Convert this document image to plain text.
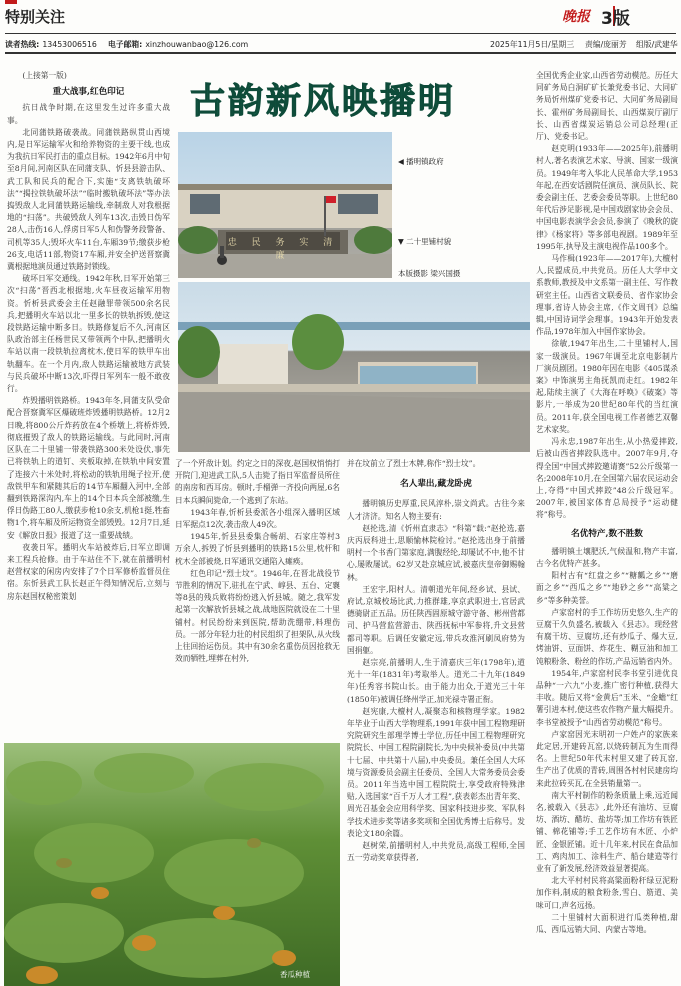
特别关注	晚报 3版
读者热线: 13453006516 电子邮箱: xinzhouwanbao@126.com	2025年11月5日/星期三 责编/庞丽芳 组版/武建华
古韵新风映播明
(上接第一版)
重大战事,红色印记

抗日战争时期,在这里发生过许多重大战事。

北同蒲铁路破袭战。同蒲铁路纵贯山西境内,是日军运输军火和给养物资的主要干线,也成为我抗日军民打击的重点目标。1942年6月中旬至8月间,河南区队在同蒲支队、忻县县游击队、武工队和民兵的配合下,实施“支离铁轨破坏法”“揭拉铁轨破坏法”“临时搬轨破坏法”等办法捣毁敌人北同蒲铁路运输线,牵制敌人对我根据地的“扫荡”。共破毁敌人列车13次,击毁日伪军28人,击伤16人,俘虏日军5人和伪警务段警备、司机等35人;毁坏火车11台,车厢39节;缴获步枪26支,电话11部,物资17车厢,并安全护送晋察冀冀根据地演员通过铁路封锁线。

破坏日军交通线。1942年秋,日军开始第三次“扫荡”晋西北根据地,火车昼夜运输军用物资。忻析县武委会主任赵融罪带领500余名民兵,把播明火车站以北一里多长的铁轨拆毁,使这段铁路运输中断多日。铁路修复后不久,河南区队政治部主任杨世民又带领两个中队,把播明火车站以南一段铁轨拉离枕木,使日军的铁甲车出轨翻车。在一个月内,敌人铁路运输被地方武装与民兵破坏中断13次,吓得日军列车一般不敢夜行。

炸毁播明铁路桥。1943年冬,同蒲支队受命配合晋察冀军区爆破班炸毁播明铁路桥。12月2日晚,将800公斤炸药放在4个桥墩上,将桥炸毁,彻底摧毁了敌人的铁路运输线。与此同时,河南区队在二十里铺一带袭铁路300米处设伏,事先已将铁轨上的道钉、夹板取掉,在铁轨中间安置了连接六十米处时,将松动的铁轨用绳子拉开,使敌铁甲车和紧随其后的14节车厢翻入河中,全部翻到铁路深沟内,车上的14个日本兵全部被缴,生俘日伪路工80人,缴获步枪10余支,机枪1挺,牲畜物1个,将车厢及所运物资全部毁毁。12月7日,延安《解放日报》报道了这一重要战绩。

夜袭日军。播明火车站被炸后,日军立即调来工程兵抢修。由于车站住不下,就在前播明村赵营权家的闲房内安排了7个日军修桥监督员住宿。东忻县武工队长赵正午得知情况后,立刻与房东赵国权秘密策划

忠 民 务 实 清 廉
◀ 播明镇政府
▼ 二十里铺村貌
本版摄影 梁兴国摄

了一个歼敌计划。约定之日的深夜,赵国权悄悄打开院门,迎进武工队,5人击毙了指日军监督员所住的南房和西耳房。顿时,手榴弹一齐投向两屋,6名日本兵瞬间毙命,一个逃到了东站。

1943年春,忻析县委派各小组深入播明区域日军据点12次,袭击敌人49次。

1945年,忻县县委集合畅胡、石家庄等村3万余人,拆毁了忻县到播明的铁路15公里,枕杆和枕木全部被烧,日军通讯交通陷入瘫痪。

红色印记“烈士坟”。1946年,在晋北战役节节胜利的情况下,驻扎在宁武、崞县、五台、定襄等8县的残兵败将纷纷逃入忻县城。随之,我军发起第一次解放忻县城之战,战地医院就设在二十里铺村。村民纷纷来到医院,帮助洗绷带,料理伤员。一部分年轻力壮的村民组织了担架队,从火线上往回抬运伤员。其中有30余名重伤员因抢救无效而牺牲,埋葬在村外,

并在坟前立了烈士木牌,称作“烈士坟”。

名人辈出,藏龙卧虎

播明镇历史厚重,民风淳朴,崇文尚武。古往今来人才济济。知名人物主要有:

赵抡选,清《忻州直隶志》“科第”载:“赵抡选,嘉庆丙辰科进士,思顺愉林院检讨。”赵抡选出身于前播明村一个书香门第家庭,满腹经纶,却屡试不中,他不甘心,屡败屡试。62岁又赴京城应试,被嘉庆皇帝御赐翰林。

王宏宇,阳村人。清朝道光年间,经乡试、县试、府试,京城校场比武,力推群雄,享京武职进士,官居武德骑尉正五品。历任陕西固原城守游守备、彬州营都司、护马营监营游击、陕西抚标中军参将,升文县营都司等职。后调任安徽定远,带兵攻淮河刷凤府势为国捐躯。

赵宗亮,前播明人,生于清嘉庆三年(1798年),道光十一年(1831年)考取举人。道光二十九年(1849年)任秀容书院山长。由于能力出众,于道光三十年(1850年)被调任绛州学正,加光禄寺署正衔。

赵宪康,大檀村人,凝聚态和核物理学家。1982年毕业于山西大学物理系,1991年获中国工程物理研究院研究生部理学博士学位,历任中国工程物理研究院院长、中国工程院副院长,为中央候补委员(中共第十七届、中共第十八届),中央委员。兼任全国人大环境与资源委员会副主任委员、全国人大常务委员会委员。2011年当选中国工程院院士,享受政府特殊津贴,入选国家“百千万人才工程”,获表彰杰出青年奖、周光召基金会应用科学奖、国家科技进步奖、军队科学技术进步奖等诸多奖项和全国优秀博士后称号。发表论文180余篇。

赵树荣,前播明村人,中共党员,高级工程师,全国五一劳动奖章获得者,

香瓜种植

全国优秀企业家,山西省劳动模范。历任大同矿务局白洞矿矿长兼党委书记、大同矿务局忻州煤矿党委书记、大同矿务局副局长、霍州矿务局副局长、山西煤炭厅副厅长、山西省煤炭运销总公司总经理(正厅)、党委书记。

赵克明(1933年——2025年),前播明村人,著名表演艺术家、导演、国家一级演员。1949年考入华北人民革命大学,1953年起,在西安话剧院任演员、演员队长、院委会副主任、艺委会委员等职。上世纪80年代后涉足影视,是中国戏剧家协会会员、中国电影表演学会会员,参演了《晚秋的旋律》《杨家将》等多部电视剧。1989年至1995年,执导及主演电视作品100多个。

马作楫(1923年——2017年),大檀村人,民盟成员,中共党员。历任人大学中文系教师,教授及中文系第一副主任、写作教研室主任。山西省文联委员、省作家协会理事,省诗人协会主席,《作文周刊》总编辑,中国诗词学会理事。1943年开始发表作品,1978年加入中国作家协会。

徐敏,1947年出生,二十里铺村人,国家一级演员。1967年调至北京电影制片厂演员剧团。1980年因在电影《405谋杀案》中饰演男主角抚凯而走红。1982年起,陆续主演了《大海在呼唤》《破案》等影片,一举成为20世纪80年代的当红演员。2011年,获全国电视工作者德艺双馨艺术家奖。

冯永忠,1987年出生,从小热爱摔跤,后被山西省摔跤队选中。2007年9月,夺得全国“中国式摔跤邀请赛”52公斤级第一名;2008年10月,在全国第六届农民运动会上,夺得“中国式摔跤”48公斤级冠军。2007年,被国家体育总局授予“运动健将”称号。

名优特产,数不胜数

播明镇土壤肥沃,气候温和,物产丰富,古今名优特产甚多。

阳村古有“红盘之乡”“糖瓤之乡”“磨面之乡”“西瓜之乡”“地砂之乡”“高粱之乡”等多种美誉。

卢家窑村的手工作坊历史悠久,生产的豆腐干久负盛名,被载入《县志》。现经营有腐干坊、豆腐坊,还有炒瓜子、爆大豆,烤油饼、豆面饼、炸花生、糊豆油和加工饨粮粉条、粉丝的作坊,产品远销省内外。

1954年,卢家窑村民李书堂引进优良品种“一六九”小麦,推广密行种植,获得大丰收。随后又将“金黄后”玉米、“金蟾”红薯引进本村,使这些农作物产量大幅提升。李书堂被授予“山西省劳动模范”称号。

卢家窑因光末明初一户姓卢的家族来此定居,开建砖瓦窑,以烧砖制瓦为生而得名。上世纪50年代末村里又建了砖瓦窑,生产出了优质的青砖,周围各村村民建房均来此拉砖买瓦,在全县销量第一。

南大平村制作的粉条质量上乘,远近闻名,被载入《县志》,此外还有油坊、豆腐坊、酒坊、醋坊、盐坊等;加工作坊有铁匠铺、棉花铺等;手工艺作坊有木匠、小炉匠、金银匠铺。近十几年来,村民在食品加工、鸡肉加工、涂料生产、船台建造等行业有了新发展,经济效益显著提高。

北大平村村民将高粱面粉秆绿豆泥粉加作料,制成的粮食粉条,雪白、筋道、美味可口,声名远扬。

二十里铺村大面积进行瓜类种植,甜瓜、西瓜远销大同、内蒙古等地。
